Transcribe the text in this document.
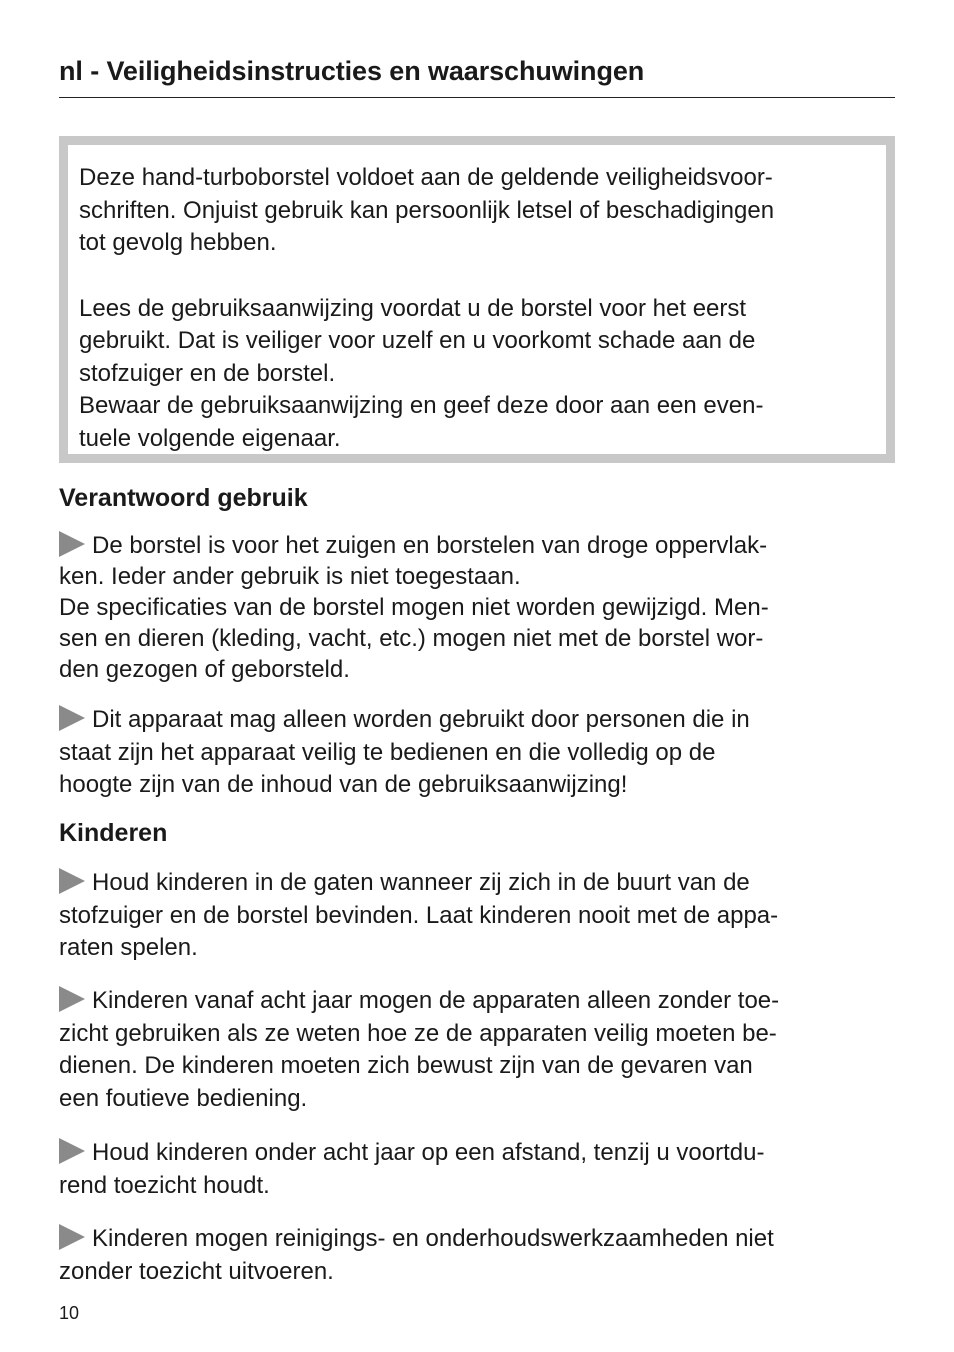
nl - Veiligheidsinstructies en waarschuwingen

Deze hand-turboborstel voldoet aan de geldende veiligheidsvoor-
schriften. Onjuist gebruik kan persoonlijk letsel of beschadigingen
tot gevolg hebben.

Lees de gebruiksaanwijzing voordat u de borstel voor het eerst
gebruikt. Dat is veiliger voor uzelf en u voorkomt schade aan de
stofzuiger en de borstel.
Bewaar de gebruiksaanwijzing en geef deze door aan een even-
tuele volgende eigenaar.

Verantwoord gebruik

De borstel is voor het zuigen en borstelen van droge oppervlak-
ken. Ieder ander gebruik is niet toegestaan.
De specificaties van de borstel mogen niet worden gewijzigd. Men-
sen en dieren (kleding, vacht, etc.) mogen niet met de borstel wor-
den gezogen of geborsteld.

Dit apparaat mag alleen worden gebruikt door personen die in
staat zijn het apparaat veilig te bedienen en die volledig op de
hoogte zijn van de inhoud van de gebruiksaanwijzing!

Kinderen

Houd kinderen in de gaten wanneer zij zich in de buurt van de
stofzuiger en de borstel bevinden. Laat kinderen nooit met de appa-
raten spelen.

Kinderen vanaf acht jaar mogen de apparaten alleen zonder toe-
zicht gebruiken als ze weten hoe ze de apparaten veilig moeten be-
dienen. De kinderen moeten zich bewust zijn van de gevaren van
een foutieve bediening.

Houd kinderen onder acht jaar op een afstand, tenzij u voortdu-
rend toezicht houdt.

Kinderen mogen reinigings- en onderhoudswerkzaamheden niet
zonder toezicht uitvoeren.

10
